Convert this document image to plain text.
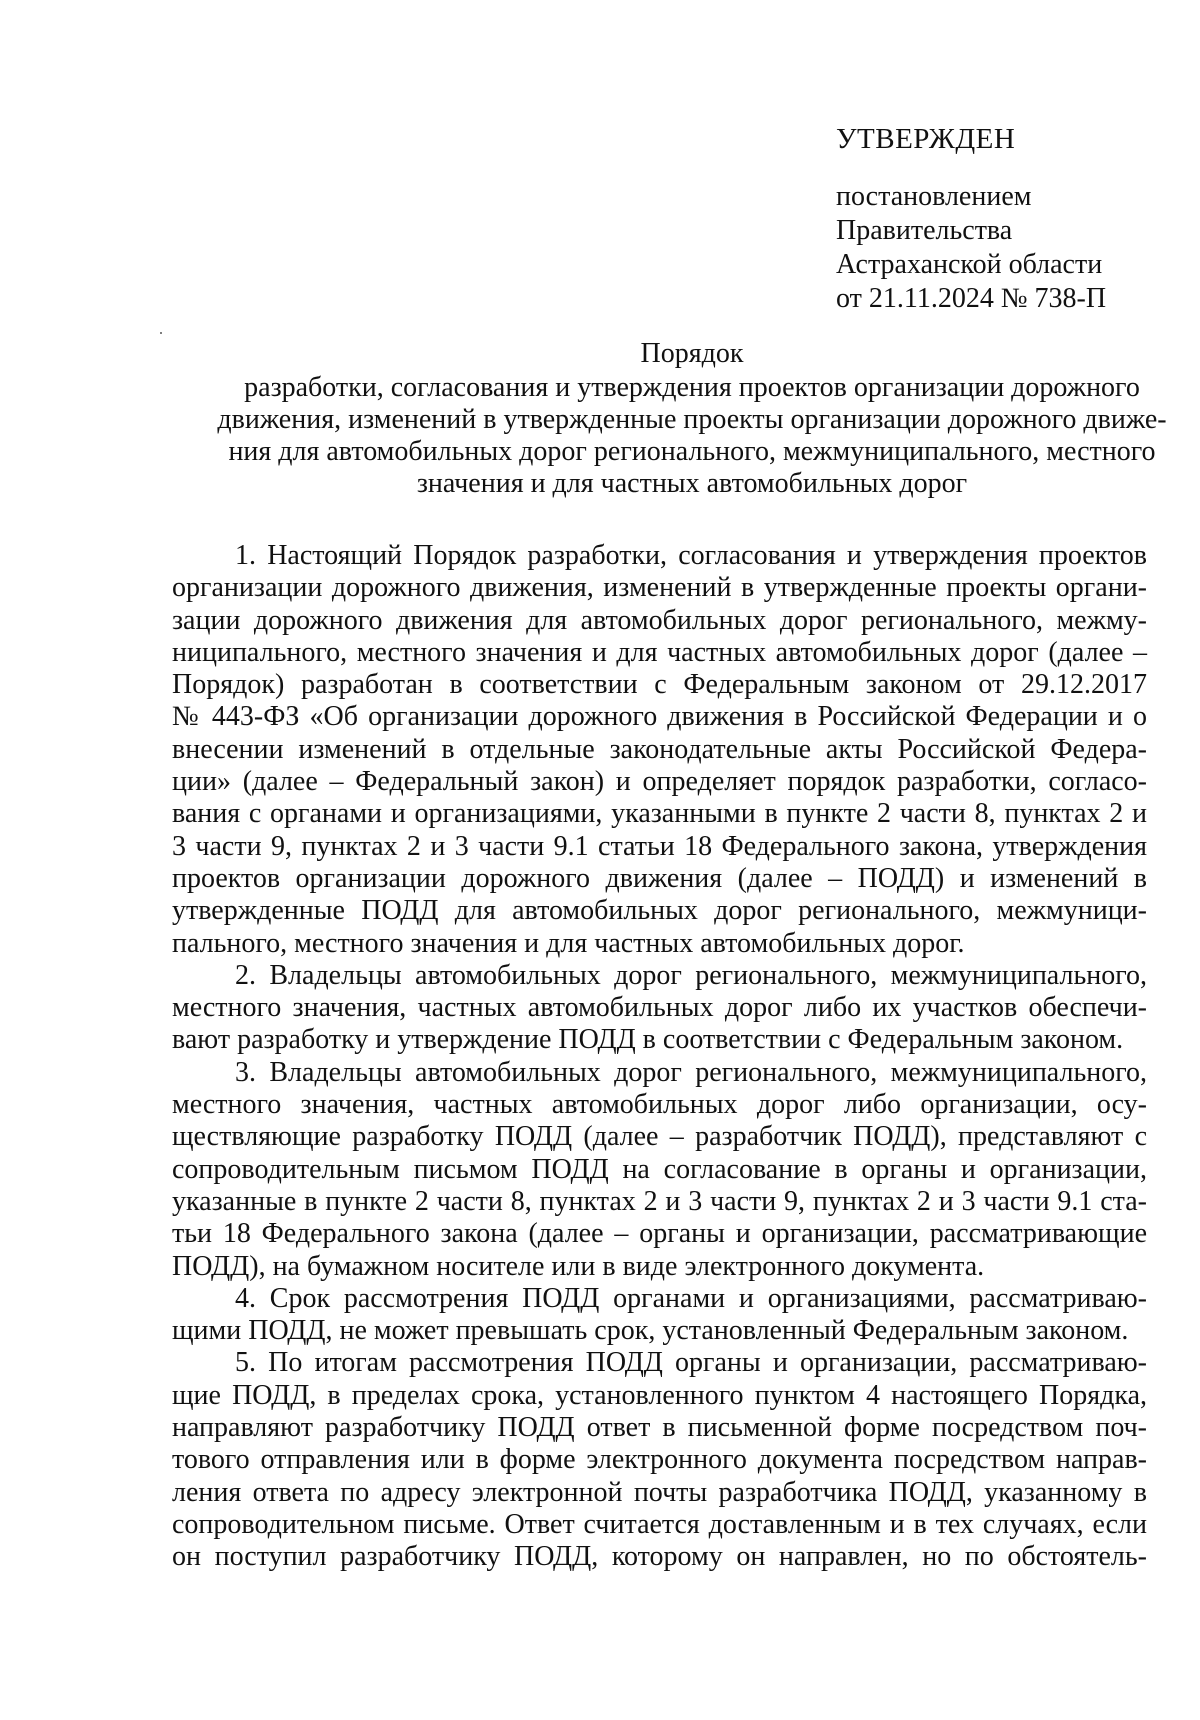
УТВЕРЖДЕН
постановлением
Правительства
Астраханской области
от 21.11.2024 № 738-П
Порядок
разработки, согласования и утверждения проектов организации дорожного
движения, изменений в утвержденные проекты организации дорожного движе-
ния для автомобильных дорог регионального, межмуниципального, местного
значения и для частных автомобильных дорог
1. Настоящий Порядок разработки, согласования и утверждения проектов
организации дорожного движения, изменений в утвержденные проекты органи-
зации дорожного движения для автомобильных дорог регионального, межму-
ниципального, местного значения и для частных автомобильных дорог (далее –
Порядок) разработан в соответствии с Федеральным законом от 29.12.2017
№ 443-ФЗ «Об организации дорожного движения в Российской Федерации и о
внесении изменений в отдельные законодательные акты Российской Федера-
ции» (далее – Федеральный закон) и определяет порядок разработки, согласо-
вания с органами и организациями, указанными в пункте 2 части 8, пунктах 2 и
3 части 9, пунктах 2 и 3 части 9.1 статьи 18 Федерального закона, утверждения
проектов организации дорожного движения (далее – ПОДД) и изменений в
утвержденные ПОДД для автомобильных дорог регионального, межмуници-
пального, местного значения и для частных автомобильных дорог.
2. Владельцы автомобильных дорог регионального, межмуниципального,
местного значения, частных автомобильных дорог либо их участков обеспечи-
вают разработку и утверждение ПОДД в соответствии с Федеральным законом.
3. Владельцы автомобильных дорог регионального, межмуниципального,
местного значения, частных автомобильных дорог либо организации, осу-
ществляющие разработку ПОДД (далее – разработчик ПОДД), представляют с
сопроводительным письмом ПОДД на согласование в органы и организации,
указанные в пункте 2 части 8, пунктах 2 и 3 части 9, пунктах 2 и 3 части 9.1 ста-
тьи 18 Федерального закона (далее – органы и организации, рассматривающие
ПОДД), на бумажном носителе или в виде электронного документа.
4. Срок рассмотрения ПОДД органами и организациями, рассматриваю-
щими ПОДД, не может превышать срок, установленный Федеральным законом.
5. По итогам рассмотрения ПОДД органы и организации, рассматриваю-
щие ПОДД, в пределах срока, установленного пунктом 4 настоящего Порядка,
направляют разработчику ПОДД ответ в письменной форме посредством поч-
тового отправления или в форме электронного документа посредством направ-
ления ответа по адресу электронной почты разработчика ПОДД, указанному в
сопроводительном письме. Ответ считается доставленным и в тех случаях, если
он поступил разработчику ПОДД, которому он направлен, но по обстоятель-
